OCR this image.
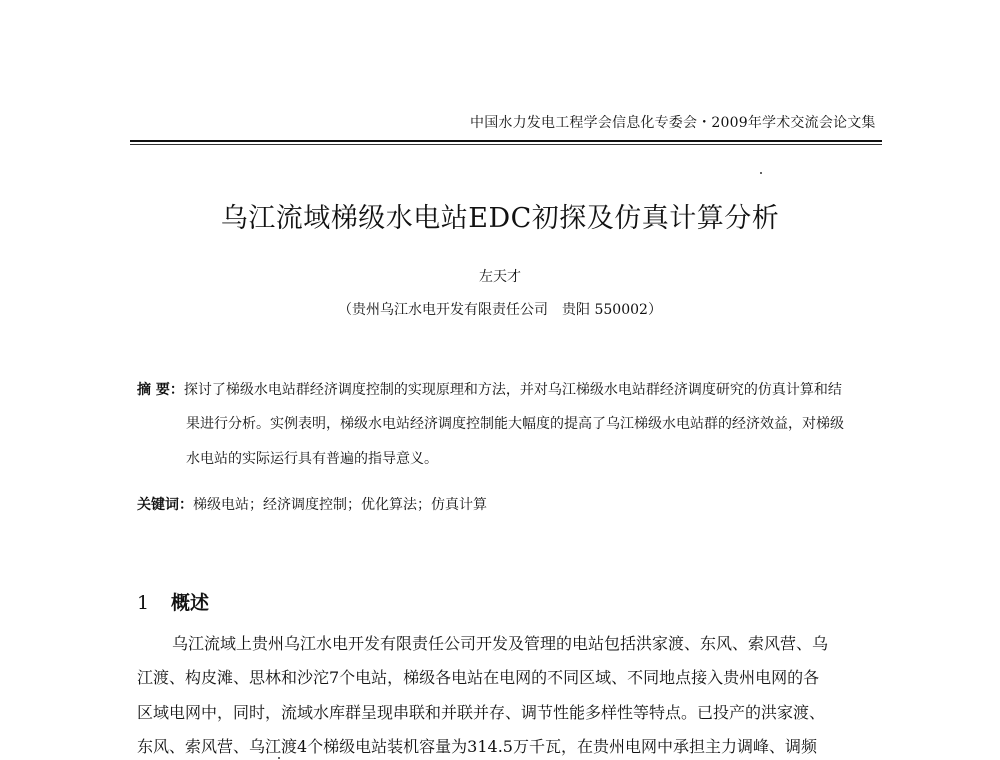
中国水力发电工程学会信息化专委会・2009年学术交流会论文集
乌江流域梯级水电站EDC初探及仿真计算分析
左天才
（贵州乌江水电开发有限责任公司　贵阳 550002）
摘 要：探讨了梯级水电站群经济调度控制的实现原理和方法，并对乌江梯级水电站群经济调度研究的仿真计算和结
果进行分析。实例表明，梯级水电站经济调度控制能大幅度的提高了乌江梯级水电站群的经济效益，对梯级
水电站的实际运行具有普遍的指导意义。
关键词：梯级电站；经济调度控制；优化算法；仿真计算
1 概述
乌江流域上贵州乌江水电开发有限责任公司开发及管理的电站包括洪家渡、东风、索风营、乌
江渡、构皮滩、思林和沙沱7个电站，梯级各电站在电网的不同区域、不同地点接入贵州电网的各
区域电网中，同时，流域水库群呈现串联和并联并存、调节性能多样性等特点。已投产的洪家渡、
东风、索风营、乌江渡4个梯级电站装机容量为314.5万千瓦，在贵州电网中承担主力调峰、调频
